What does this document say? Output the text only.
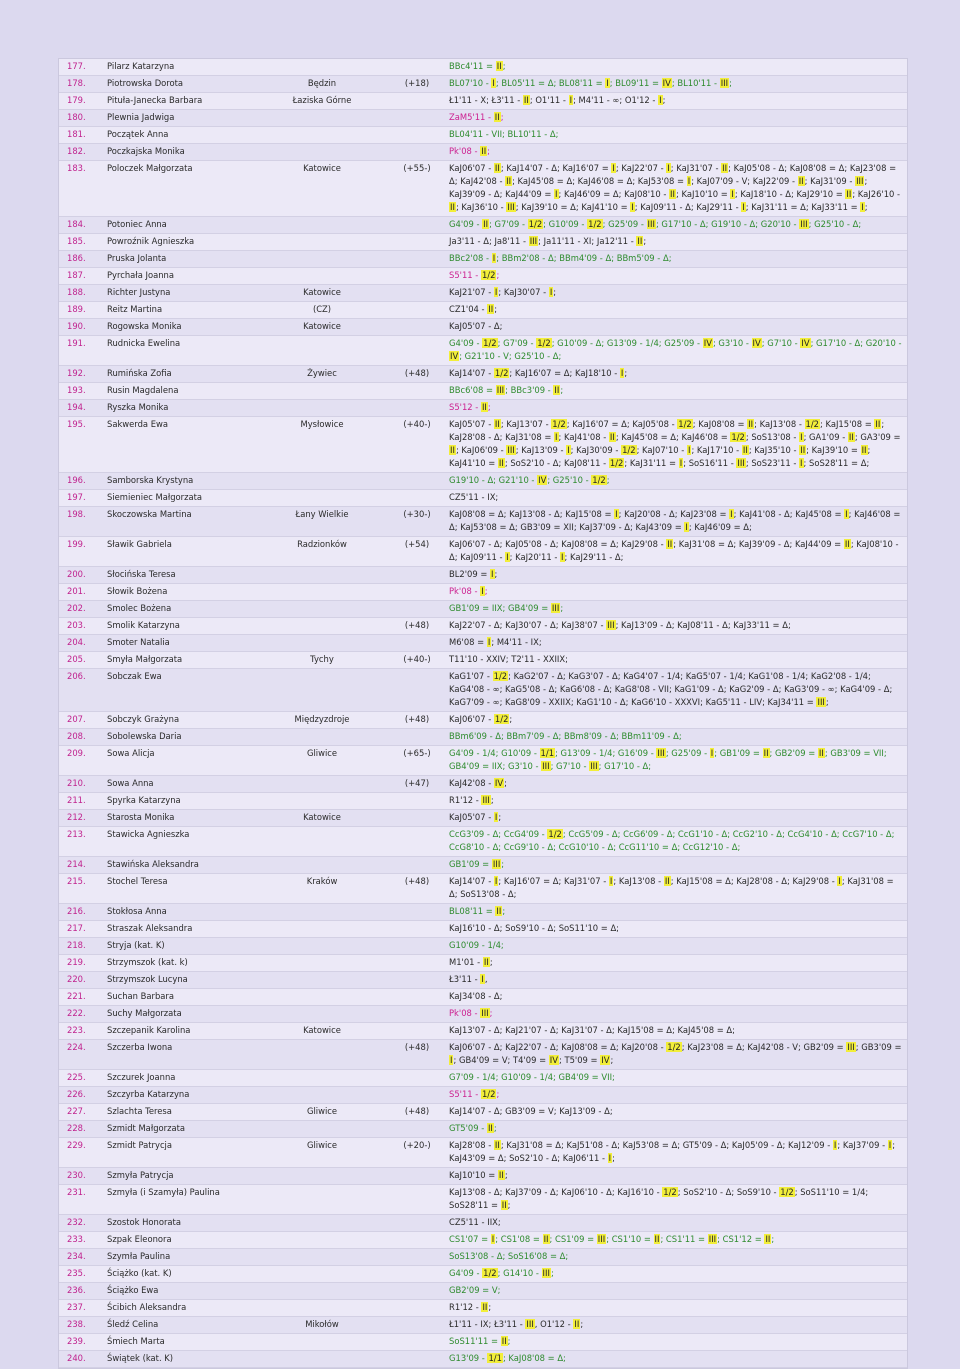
177.	Pilarz Katarzyna			BBc4'11 = II;
178.	Piotrowska Dorota	Będzin	(+18)	BL07'10 - I; BL05'11 = Δ; BL08'11 = I; BL09'11 = IV; BL10'11 - III;
179.	Pituła-Janecka Barbara	Łaziska Górne		Ł1'11 - X; Ł3'11 - II; O1'11 - I; M4'11 - ∞; O1'12 - I;
180.	Plewnia Jadwiga			ZaM5'11 - II;
181.	Początek Anna			BL04'11 - VII; BL10'11 - Δ;
182.	Poczkajska Monika			Pk'08 - II;
183.	Poloczek Małgorzata	Katowice	(+55-)	KaJ06'07 - II; KaJ14'07 - Δ; KaJ16'07 = I; KaJ22'07 - I; KaJ31'07 - II; KaJ05'08 - Δ; KaJ08'08 = Δ; KaJ23'08 = Δ; KaJ42'08 - II; KaJ45'08 = Δ; KaJ46'08 = Δ; KaJ53'08 = I; KaJ07'09 - V; KaJ22'09 - II; KaJ31'09 - III; KaJ39'09 - Δ; KaJ44'09 = I; KaJ46'09 = Δ; KaJ08'10 - II; KaJ10'10 = I; KaJ18'10 - Δ; KaJ29'10 = II; KaJ26'10 - II; KaJ36'10 - III; KaJ39'10 = Δ; KaJ41'10 = I; KaJ09'11 - Δ; KaJ29'11 - I; KaJ31'11 = Δ; KaJ33'11 = I;
184.	Potoniec Anna			G4'09 - II; G7'09 - 1/2; G10'09 - 1/2; G25'09 - III; G17'10 - Δ; G19'10 - Δ; G20'10 - III; G25'10 - Δ;
185.	Powroźnik Agnieszka			Ja3'11 - Δ; Ja8'11 - III; Ja11'11 - XI; Ja12'11 - II;
186.	Pruska Jolanta			BBc2'08 - I; BBm2'08 - Δ; BBm4'09 - Δ; BBm5'09 - Δ;
187.	Pyrchała Joanna			S5'11 - 1/2;
188.	Richter Justyna	Katowice		KaJ21'07 - I; KaJ30'07 - I;
189.	Reitz Martina	(CZ)		CZ1'04 - II;
190.	Rogowska Monika	Katowice		KaJ05'07 - Δ;
191.	Rudnicka Ewelina			G4'09 - 1/2; G7'09 - 1/2; G10'09 - Δ; G13'09 - 1/4; G25'09 - IV; G3'10 - IV; G7'10 - IV; G17'10 - Δ; G20'10 - IV; G21'10 - V; G25'10 - Δ;
192.	Rumińska Zofia	Żywiec	(+48)	KaJ14'07 - 1/2; KaJ16'07 = Δ; KaJ18'10 - I;
193.	Rusin Magdalena			BBc6'08 = III; BBc3'09 - II;
194.	Ryszka Monika			S5'12 - II;
195.	Sakwerda Ewa	Mysłowice	(+40-)	KaJ05'07 - II; KaJ13'07 - 1/2; KaJ16'07 = Δ; KaJ05'08 - 1/2; KaJ08'08 = II; KaJ13'08 - 1/2; KaJ15'08 = II; KaJ28'08 - Δ; KaJ31'08 = I; KaJ41'08 - II; KaJ45'08 = Δ; KaJ46'08 = 1/2; SoS13'08 - I; GA1'09 - II; GA3'09 = II; KaJ06'09 - III; KaJ13'09 - I; KaJ30'09 - 1/2; KaJ07'10 - I; KaJ17'10 - II; KaJ35'10 - II; KaJ39'10 = II; KaJ41'10 = II; SoS2'10 - Δ; KaJ08'11 - 1/2; KaJ31'11 = I; SoS16'11 - III; SoS23'11 - I; SoS28'11 = Δ;
196.	Samborska Krystyna			G19'10 - Δ; G21'10 - IV; G25'10 - 1/2;
197.	Siemieniec Małgorzata			CZ5'11 - IX;
198.	Skoczowska Martina	Łany Wielkie	(+30-)	KaJ08'08 = Δ; KaJ13'08 - Δ; KaJ15'08 = I; KaJ20'08 - Δ; KaJ23'08 = I; KaJ41'08 - Δ; KaJ45'08 = I; KaJ46'08 = Δ; KaJ53'08 = Δ; GB3'09 = XII; KaJ37'09 - Δ; KaJ43'09 = I; KaJ46'09 = Δ;
199.	Sławik Gabriela	Radzionków	(+54)	KaJ06'07 - Δ; KaJ05'08 - Δ; KaJ08'08 = Δ; KaJ29'08 - II; KaJ31'08 = Δ; KaJ39'09 - Δ; KaJ44'09 = II; KaJ08'10 - Δ; KaJ09'11 - I; KaJ20'11 - I; KaJ29'11 - Δ;
200.	Słocińska Teresa			BL2'09 = I;
201.	Słowik Bożena			Pk'08 - I;
202.	Smolec Bożena			GB1'09 = IIX; GB4'09 = III;
203.	Smolik Katarzyna		(+48)	KaJ22'07 - Δ; KaJ30'07 - Δ; KaJ38'07 - III; KaJ13'09 - Δ; KaJ08'11 - Δ; KaJ33'11 = Δ;
204.	Smoter Natalia			M6'08 = I; M4'11 - IX;
205.	Smyła Małgorzata	Tychy	(+40-)	T11'10 - XXIV; T2'11 - XXIIX;
206.	Sobczak Ewa			KaG1'07 - 1/2; KaG2'07 - Δ; KaG3'07 - Δ; KaG4'07 - 1/4; KaG5'07 - 1/4; KaG1'08 - 1/4; KaG2'08 - 1/4; KaG4'08 - ∞; KaG5'08 - Δ; KaG6'08 - Δ; KaG8'08 - VII; KaG1'09 - Δ; KaG2'09 - Δ; KaG3'09 - ∞; KaG4'09 - Δ; KaG7'09 - ∞; KaG8'09 - XXIIX; KaG1'10 - Δ; KaG6'10 - XXXVI; KaG5'11 - LIV; KaJ34'11 = III;
207.	Sobczyk Grażyna	Międzyzdroje	(+48)	KaJ06'07 - 1/2;
208.	Sobolewska Daria			BBm6'09 - Δ; BBm7'09 - Δ; BBm8'09 - Δ; BBm11'09 - Δ;
209.	Sowa Alicja	Gliwice	(+65-)	G4'09 - 1/4; G10'09 - 1/1; G13'09 - 1/4; G16'09 - III; G25'09 - I; GB1'09 = II; GB2'09 = II; GB3'09 = VII; GB4'09 = IIX; G3'10 - III; G7'10 - III; G17'10 - Δ;
210.	Sowa Anna		(+47)	KaJ42'08 - IV;
211.	Spyrka Katarzyna			R1'12 - III;
212.	Starosta Monika	Katowice		KaJ05'07 - I;
213.	Stawicka Agnieszka			CcG3'09 - Δ; CcG4'09 - 1/2; CcG5'09 - Δ; CcG6'09 - Δ; CcG1'10 - Δ; CcG2'10 - Δ; CcG4'10 - Δ; CcG7'10 - Δ; CcG8'10 - Δ; CcG9'10 - Δ; CcG10'10 - Δ; CcG11'10 = Δ; CcG12'10 - Δ;
214.	Stawińska Aleksandra			GB1'09 = III;
215.	Stochel Teresa	Kraków	(+48)	KaJ14'07 - I; KaJ16'07 = Δ; KaJ31'07 - I; KaJ13'08 - II; KaJ15'08 = Δ; KaJ28'08 - Δ; KaJ29'08 - I; KaJ31'08 = Δ; SoS13'08 - Δ;
216.	Stokłosa Anna			BL08'11 = II;
217.	Straszak Aleksandra			KaJ16'10 - Δ; SoS9'10 - Δ; SoS11'10 = Δ;
218.	Stryja (kat. K)			G10'09 - 1/4;
219.	Strzymszok (kat. k)			M1'01 - II;
220.	Strzymszok Lucyna			Ł3'11 - I,
221.	Suchan Barbara			KaJ34'08 - Δ;
222.	Suchy Małgorzata			Pk'08 - III;
223.	Szczepanik Karolina	Katowice		KaJ13'07 - Δ; KaJ21'07 - Δ; KaJ31'07 - Δ; KaJ15'08 = Δ; KaJ45'08 = Δ;
224.	Szczerba Iwona		(+48)	KaJ06'07 - Δ; KaJ22'07 - Δ; KaJ08'08 = Δ; KaJ20'08 - 1/2; KaJ23'08 = Δ; KaJ42'08 - V; GB2'09 = III; GB3'09 = I; GB4'09 = V; T4'09 = IV; T5'09 = IV;
225.	Szczurek Joanna			G7'09 - 1/4; G10'09 - 1/4; GB4'09 = VII;
226.	Szczyrba Katarzyna			S5'11 - 1/2;
227.	Szlachta Teresa	Gliwice	(+48)	KaJ14'07 - Δ; GB3'09 = V; KaJ13'09 - Δ;
228.	Szmidt Małgorzata			GT5'09 - II;
229.	Szmidt Patrycja	Gliwice	(+20-)	KaJ28'08 - II; KaJ31'08 = Δ; KaJ51'08 - Δ; KaJ53'08 = Δ; GT5'09 - Δ; KaJ05'09 - Δ; KaJ12'09 - I; KaJ37'09 - I; KaJ43'09 = Δ; SoS2'10 - Δ; KaJ06'11 - I;
230.	Szmyła Patrycja			KaJ10'10 = II;
231.	Szmyła (i Szamyła) Paulina			KaJ13'08 - Δ; KaJ37'09 - Δ; KaJ06'10 - Δ; KaJ16'10 - 1/2; SoS2'10 - Δ; SoS9'10 - 1/2; SoS11'10 = 1/4; SoS28'11 = II;
232.	Szostok Honorata			CZ5'11 - IIX;
233.	Szpak Eleonora			CS1'07 = I; CS1'08 = II; CS1'09 = III; CS1'10 = II; CS1'11 = III; CS1'12 = II;
234.	Szymła Paulina			SoS13'08 - Δ; SoS16'08 = Δ;
235.	Ściążko (kat. K)			G4'09 - 1/2; G14'10 - III;
236.	Ściążko Ewa			GB2'09 = V;
237.	Ścibich Aleksandra			R1'12 - II;
238.	Śledź Celina	Mikołów		Ł1'11 - IX; Ł3'11 - III, O1'12 - II;
239.	Śmiech Marta			SoS11'11 = II;
240.	Świątek (kat. K)			G13'09 - 1/1; KaJ08'08 = Δ;
